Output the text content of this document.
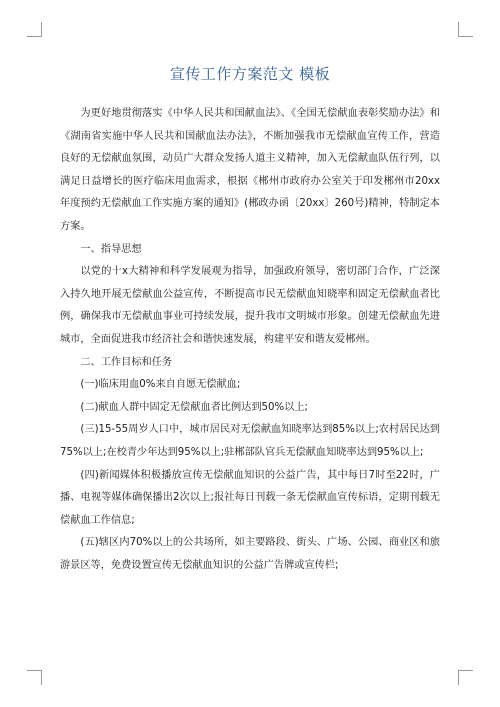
宣传工作方案范文 模板

为更好地贯彻落实《中华人民共和国献血法》、《全国无偿献血表彰奖励办法》和《湖南省实施中华人民共和国献血法办法》，不断加强我市无偿献血宣传工作，营造良好的无偿献血氛围，动员广大群众发扬人道主义精神，加入无偿献血队伍行列，以满足日益增长的医疗临床用血需求，根据《郴州市政府办公室关于印发郴州市20xx年度预约无偿献血工作实施方案的通知》(郴政办函〔20xx〕260号)精神，特制定本方案。

一、指导思想

以党的十x大精神和科学发展观为指导，加强政府领导，密切部门合作，广泛深入持久地开展无偿献血公益宣传，不断提高市民无偿献血知晓率和固定无偿献血者比例，确保我市无偿献血事业可持续发展，提升我市文明城市形象。创建无偿献血先进城市，全面促进我市经济社会和谐快速发展，构建平安和谐友爱郴州。

二、工作目标和任务

(一)临床用血0%来自自愿无偿献血;

(二)献血人群中固定无偿献血者比例达到50%以上;

(三)15-55周岁人口中，城市居民对无偿献血知晓率达到85%以上;农村居民达到75%以上;在校青少年达到95%以上;驻郴部队官兵无偿献血知晓率达到95%以上;

(四)新闻媒体积极播放宣传无偿献血知识的公益广告，其中每日7时至22时，广播、电视等媒体确保播出2次以上;报社每日刊载一条无偿献血宣传标语，定期刊载无偿献血工作信息;

(五)辖区内70%以上的公共场所，如主要路段、街头、广场、公园、商业区和旅游景区等，免费设置宣传无偿献血知识的公益广告牌或宣传栏;
